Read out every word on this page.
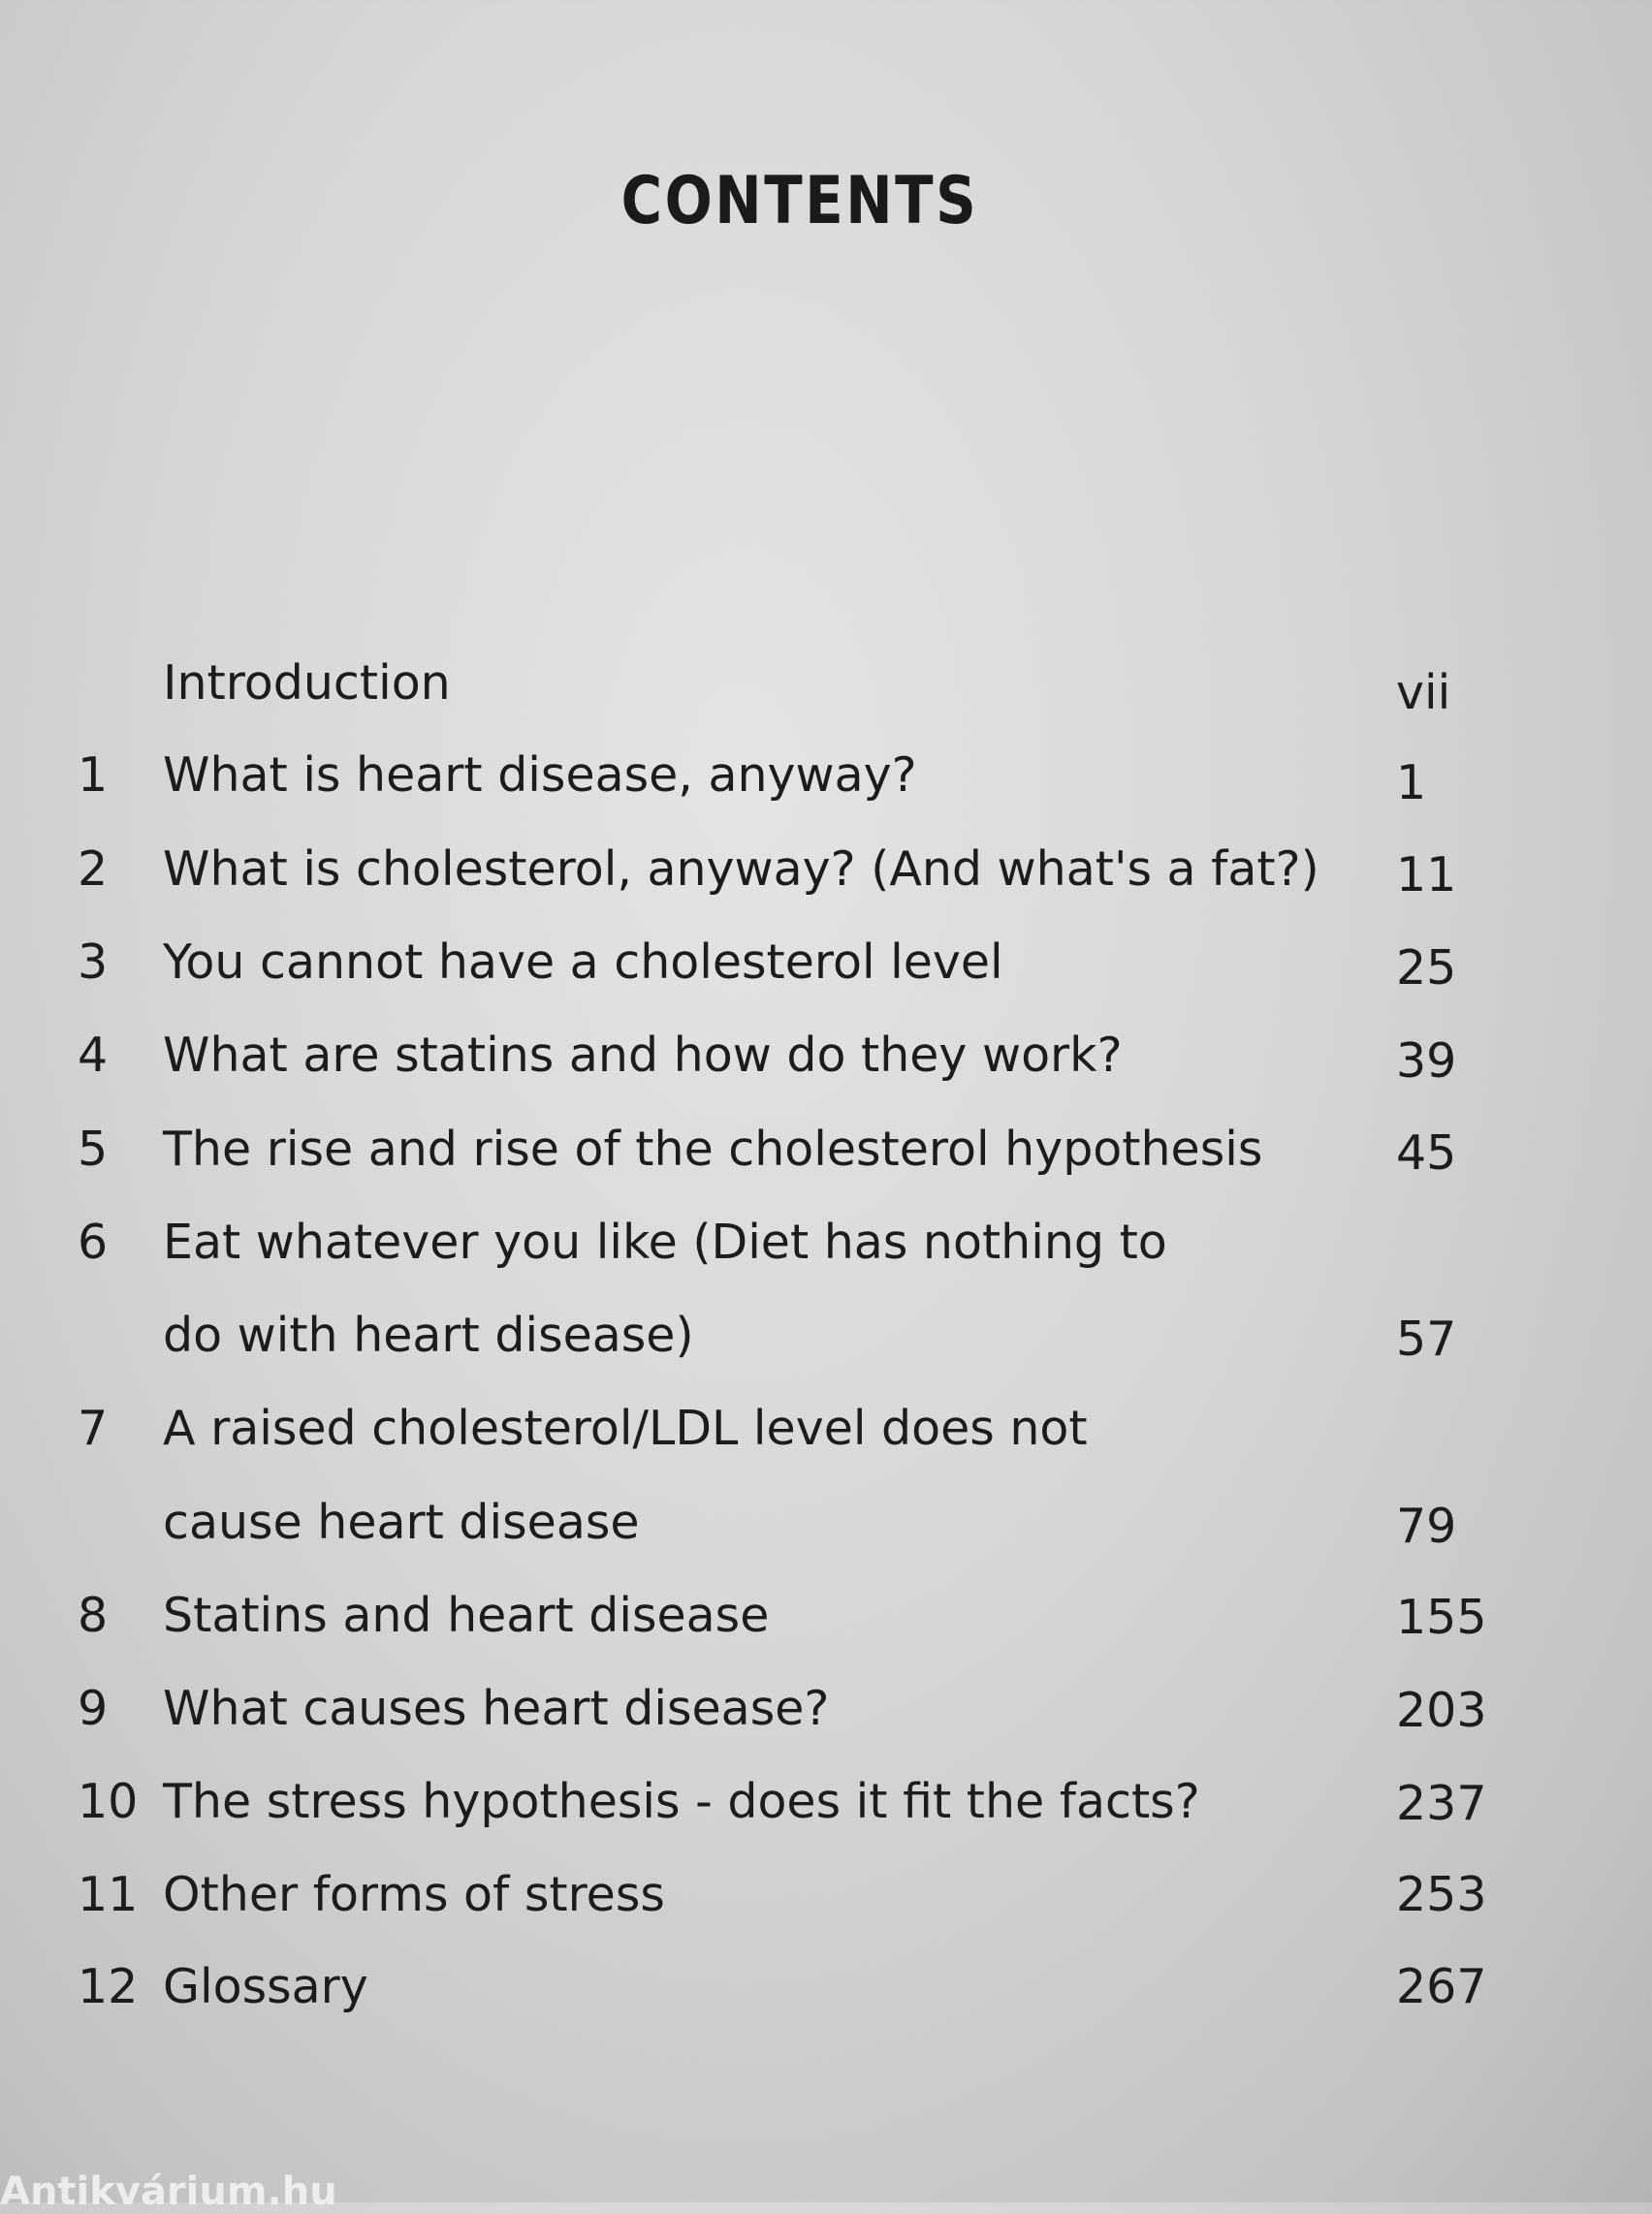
CONTENTS
Introduction	vii
1	What is heart disease, anyway?	1
2	What is cholesterol, anyway? (And what's a fat?) 11
3	You cannot have a cholesterol level	25
4	What are statins and how do they work?	39
5	The rise and rise of the cholesterol hypothesis	45
6	Eat whatever you like (Diet has nothing to
do with heart disease)	57
7	A raised cholesterol/LDL level does not
cause heart disease	79
8	Statins and heart disease	155
9	What causes heart disease?	203
10 The stress hypothesis - does it fit the facts?	237
11 Other forms of stress	253
12 Glossary	267
Antikvárium.hu
